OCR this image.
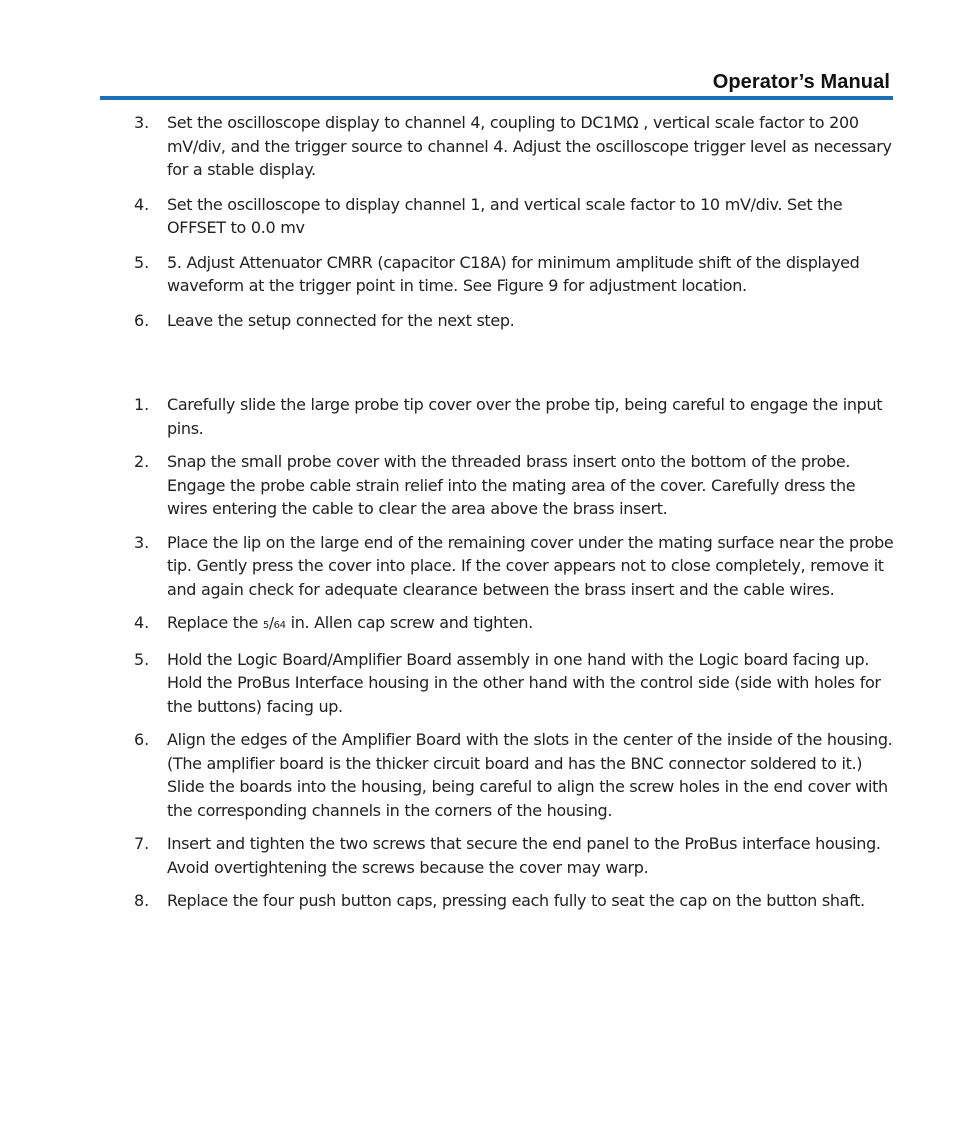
Operator’s Manual
3.	Set the oscilloscope display to channel 4, coupling to DC1MΩ , vertical scale factor to 200 mV/div, and the trigger source to channel 4. Adjust the oscilloscope trigger level as necessary for a stable display.
4.	Set the oscilloscope to display channel 1, and vertical scale factor to 10 mV/div. Set the OFFSET to 0.0 mv
5.	5. Adjust Attenuator CMRR (capacitor C18A) for minimum amplitude shift of the displayed waveform at the trigger point in time. See Figure 9 for adjustment location.
6.	Leave the setup connected for the next step.
1.	Carefully slide the large probe tip cover over the probe tip, being careful to engage the input pins.
2.	Snap the small probe cover with the threaded brass insert onto the bottom of the probe. Engage the probe cable strain relief into the mating area of the cover. Carefully dress the wires entering the cable to clear the area above the brass insert.
3.	Place the lip on the large end of the remaining cover under the mating surface near the probe tip. Gently press the cover into place. If the cover appears not to close completely, remove it and again check for adequate clearance between the brass insert and the cable wires.
4.	Replace the 5/64 in. Allen cap screw and tighten.
5.	Hold the Logic Board/Amplifier Board assembly in one hand with the Logic board facing up. Hold the ProBus Interface housing in the other hand with the control side (side with holes for the buttons) facing up.
6.	Align the edges of the Amplifier Board with the slots in the center of the inside of the housing. (The amplifier board is the thicker circuit board and has the BNC connector soldered to it.) Slide the boards into the housing, being careful to align the screw holes in the end cover with the corresponding channels in the corners of the housing.
7.	Insert and tighten the two screws that secure the end panel to the ProBus interface housing. Avoid overtightening the screws because the cover may warp.
8.	Replace the four push button caps, pressing each fully to seat the cap on the button shaft.
